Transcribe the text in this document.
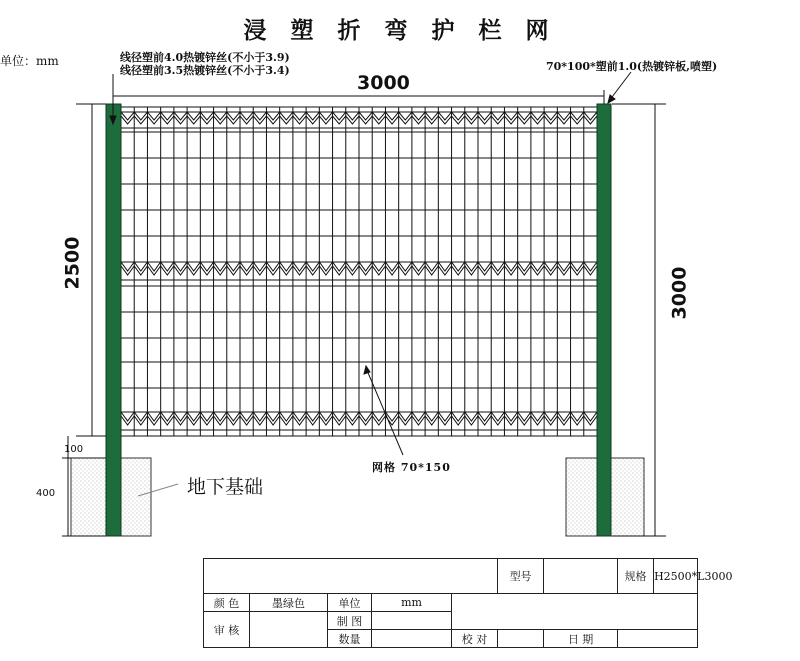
浸 塑 折 弯 护 栏 网
单位：mm	线径塑前4.0热镀锌丝(不小于3.9)
线径塑前3.5热镀锌丝(不小于3.4)	70*100*塑前1.0(热镀锌板,喷塑)
3000
2500
3000
100
400	地下基础
网格 70*150
					型号		规格	H2500*L3000
颜 色	墨绿色	单位	mm					
审 核		制 图						
		数量		校 对		日 期		
